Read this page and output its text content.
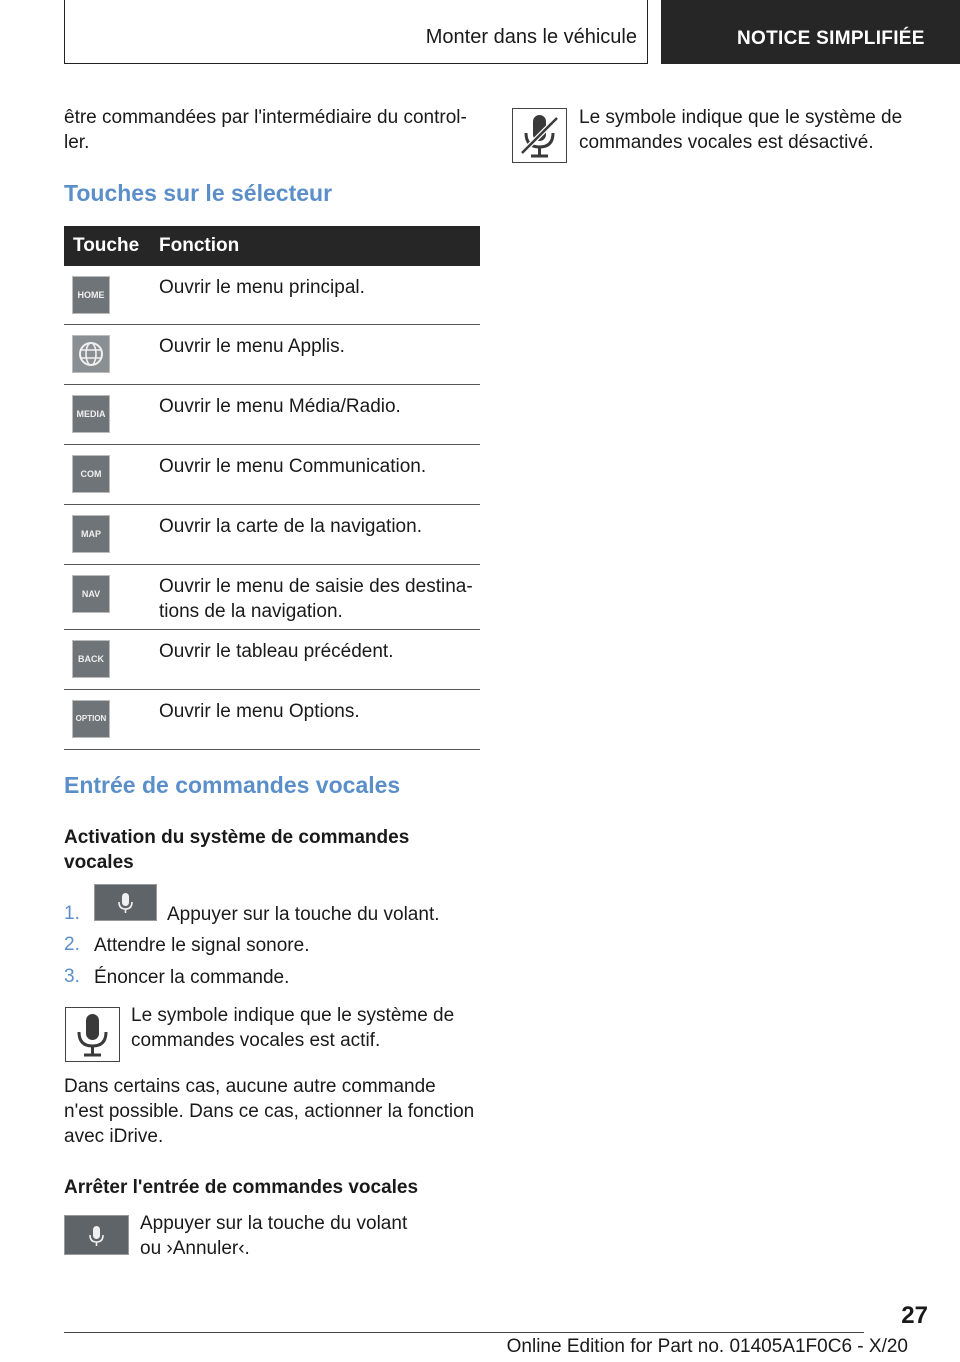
Monter dans le véhicule	NOTICE SIMPLIFIÉE
être commandées par l'intermédiaire du control‐
ler.
Touches sur le sélecteur
Touche Fonction
HOME	Ouvrir le menu principal.
Ouvrir le menu Applis.
MEDIA	Ouvrir le menu Média/Radio.
COM	Ouvrir le menu Communication.
MAP	Ouvrir la carte de la navigation.
NAV	Ouvrir le menu de saisie des destina‐
tions de la navigation.
BACK	Ouvrir le tableau précédent.
OPTION	Ouvrir le menu Options.
Entrée de commandes vocales
Activation du système de commandes
vocales
1.	Appuyer sur la touche du volant.
2. Attendre le signal sonore.
3. Énoncer la commande.
Le symbole indique que le système de
commandes vocales est actif.
Dans certains cas, aucune autre commande
n'est possible. Dans ce cas, actionner la fonction
avec iDrive.
Arrêter l'entrée de commandes vocales
Appuyer sur la touche du volant
ou ›Annuler‹.
Le symbole indique que le système de
commandes vocales est désactivé.
27
Online Edition for Part no. 01405A1F0C6 - X/20
